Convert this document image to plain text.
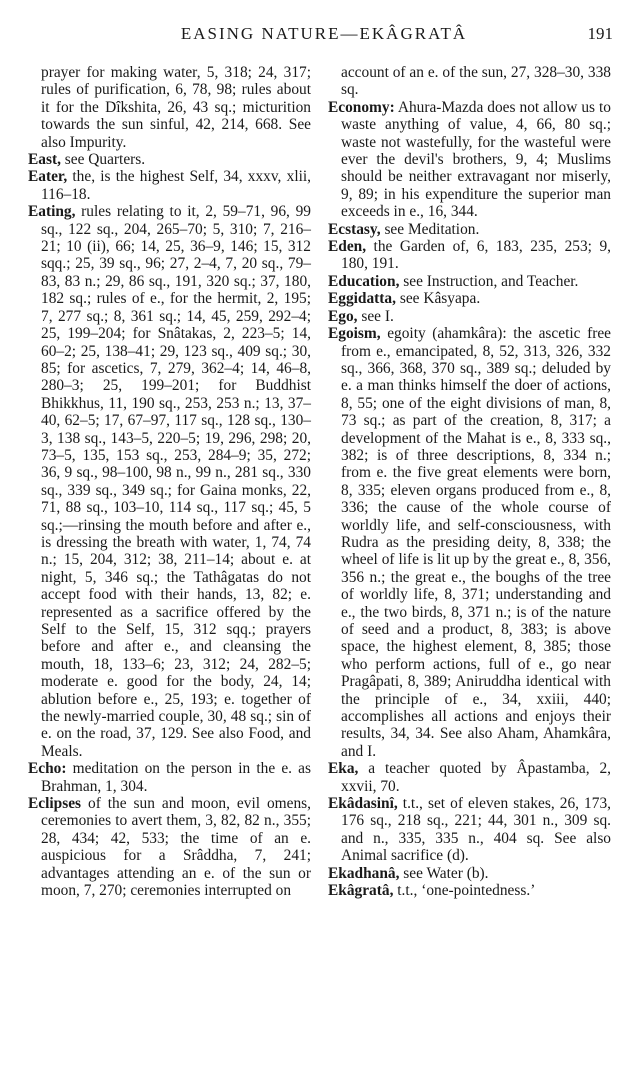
EASING NATURE—EKÂGRATÂ	191

prayer for making water, 5, 318; 24, 317; rules of purification, 6, 78, 98; rules about it for the Dîkshita, 26, 43 sq.; micturition towards the sun sinful, 42, 214, 668. See also Impurity.

East, see Quarters.

Eater, the, is the highest Self, 34, xxxv, xlii, 116–18.

Eating, rules relating to it, 2, 59–71, 96, 99 sq., 122 sq., 204, 265–70; 5, 310; 7, 216–21; 10 (ii), 66; 14, 25, 36–9, 146; 15, 312 sqq.; 25, 39 sq., 96; 27, 2–4, 7, 20 sq., 79–83, 83 n.; 29, 86 sq., 191, 320 sq.; 37, 180, 182 sq.; rules of e., for the hermit, 2, 195; 7, 277 sq.; 8, 361 sq.; 14, 45, 259, 292–4; 25, 199–204; for Snâtakas, 2, 223–5; 14, 60–2; 25, 138–41; 29, 123 sq., 409 sq.; 30, 85; for ascetics, 7, 279, 362–4; 14, 46–8, 280–3; 25, 199–201; for Buddhist Bhikkhus, 11, 190 sq., 253, 253 n.; 13, 37–40, 62–5; 17, 67–97, 117 sq., 128 sq., 130–3, 138 sq., 143–5, 220–5; 19, 296, 298; 20, 73–5, 135, 153 sq., 253, 284–9; 35, 272; 36, 9 sq., 98–100, 98 n., 99 n., 281 sq., 330 sq., 339 sq., 349 sq.; for Gaina monks, 22, 71, 88 sq., 103–10, 114 sq., 117 sq.; 45, 5 sq.;—rinsing the mouth before and after e., is dressing the breath with water, 1, 74, 74 n.; 15, 204, 312; 38, 211–14; about e. at night, 5, 346 sq.; the Tathâgatas do not accept food with their hands, 13, 82; e. represented as a sacrifice offered by the Self to the Self, 15, 312 sqq.; prayers before and after e., and cleansing the mouth, 18, 133–6; 23, 312; 24, 282–5; moderate e. good for the body, 24, 14; ablution before e., 25, 193; e. together of the newly-married couple, 30, 48 sq.; sin of e. on the road, 37, 129. See also Food, and Meals.

Echo: meditation on the person in the e. as Brahman, 1, 304.

Eclipses of the sun and moon, evil omens, ceremonies to avert them, 3, 82, 82 n., 355; 28, 434; 42, 533; the time of an e. auspicious for a Srâddha, 7, 241; advantages attending an e. of the sun or moon, 7, 270; ceremonies interrupted on

account of an e. of the sun, 27, 328–30, 338 sq.

Economy: Ahura-Mazda does not allow us to waste anything of value, 4, 66, 80 sq.; waste not wastefully, for the wasteful were ever the devil's brothers, 9, 4; Muslims should be neither extravagant nor miserly, 9, 89; in his expenditure the superior man exceeds in e., 16, 344.

Ecstasy, see Meditation.

Eden, the Garden of, 6, 183, 235, 253; 9, 180, 191.

Education, see Instruction, and Teacher.

Eggidatta, see Kâsyapa.

Ego, see I.

Egoism, egoity (ahamkâra): the ascetic free from e., emancipated, 8, 52, 313, 326, 332 sq., 366, 368, 370 sq., 389 sq.; deluded by e. a man thinks himself the doer of actions, 8, 55; one of the eight divisions of man, 8, 73 sq.; as part of the creation, 8, 317; a development of the Mahat is e., 8, 333 sq., 382; is of three descriptions, 8, 334 n.; from e. the five great elements were born, 8, 335; eleven organs produced from e., 8, 336; the cause of the whole course of worldly life, and self-consciousness, with Rudra as the presiding deity, 8, 338; the wheel of life is lit up by the great e., 8, 356, 356 n.; the great e., the boughs of the tree of worldly life, 8, 371; understanding and e., the two birds, 8, 371 n.; is of the nature of seed and a product, 8, 383; is above space, the highest element, 8, 385; those who perform actions, full of e., go near Pragâpati, 8, 389; Aniruddha identical with the principle of e., 34, xxiii, 440; accomplishes all actions and enjoys their results, 34, 34. See also Aham, Ahamkâra, and I.

Eka, a teacher quoted by Âpastamba, 2, xxvii, 70.

Ekâdasinî, t.t., set of eleven stakes, 26, 173, 176 sq., 218 sq., 221; 44, 301 n., 309 sq. and n., 335, 335 n., 404 sq. See also Animal sacrifice (d).

Ekadhanâ, see Water (b).

Ekâgratâ, t.t., ‘one-pointedness.’
